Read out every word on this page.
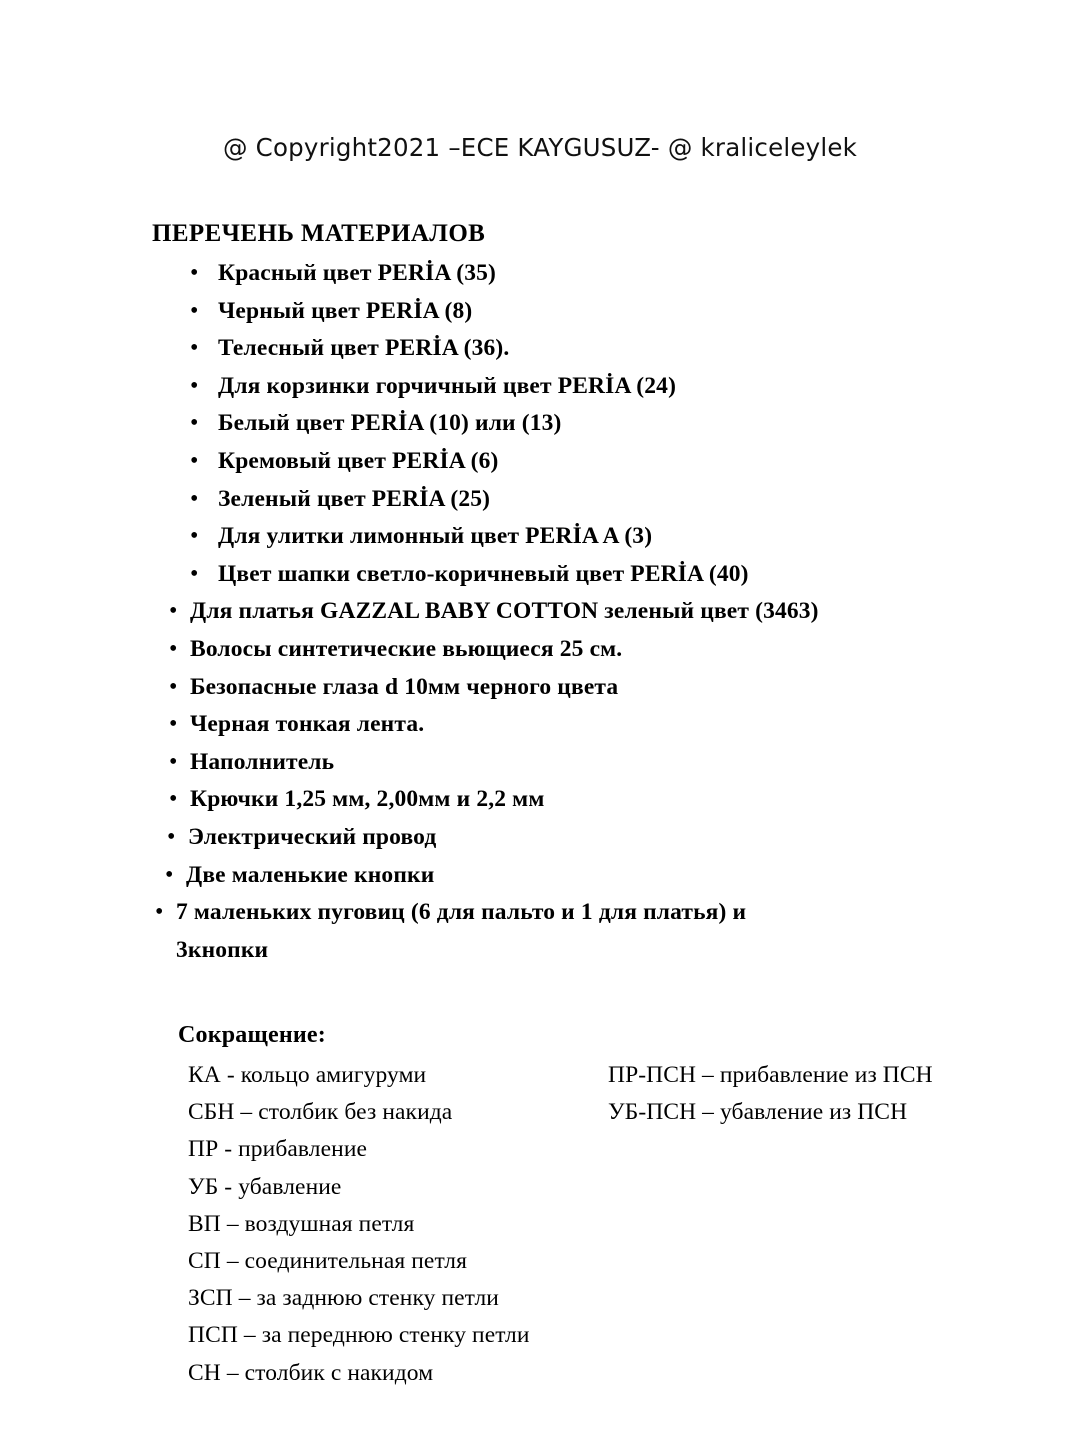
@ Copyright2021 –ECE KAYGUSUZ- @ kraliceleylek
ПЕРЕЧЕНЬ МАТЕРИАЛОВ
• Красный цвет PERİA (35)
• Черный цвет PERİA (8)
• Телесный цвет PERİA (36).
• Для корзинки горчичный цвет PERİA (24)
• Белый цвет PERİA (10) или (13)
• Кремовый цвет PERİA (6)
• Зеленый цвет PERİA (25)
• Для улитки лимонный цвет PERİA A (3)
• Цвет шапки светло-коричневый цвет PERİA (40)
• Для платья GAZZAL BABY COTTON зеленый цвет (3463)
• Волосы синтетические вьющиеся 25 см.
• Безопасные глаза d 10мм черного цвета
• Черная тонкая лента.
• Наполнитель
• Крючки 1,25 мм, 2,00мм и 2,2 мм
• Электрический провод
• Две маленькие кнопки
• 7 маленьких пуговиц (6 для пальто и 1 для платья) и
3кнопки
Сокращение:
КА - кольцо амигуруми
СБН – столбик без накида
ПР - прибавление
УБ - убавление
ВП – воздушная петля
СП – соединительная петля
ЗСП – за заднюю стенку петли
ПСП – за переднюю стенку петли
СН – столбик с накидом
ПР-ПСН – прибавление из ПСН
УБ-ПСН – убавление из ПСН
